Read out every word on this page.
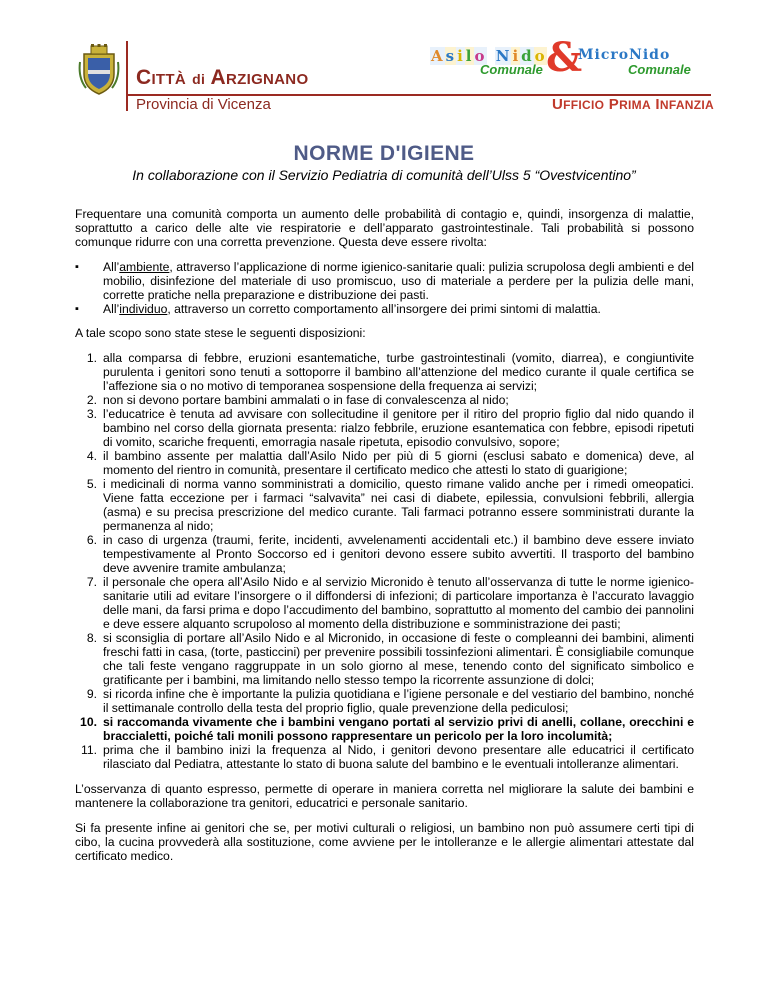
CITTÀ di ARZIGNANO
Provincia di Vicenza	UFFICIO PRIMA INFANZIA
A s i l o N i d o
Comunale &
MicroNido
Comunale
NORME D'IGIENE
In collaborazione con il Servizio Pediatria di comunità dell’Ulss 5 “Ovestvicentino”

Frequentare una comunità comporta un aumento delle probabilità di contagio e, quindi, insorgenza di malattie, soprattutto a carico delle alte vie respiratorie e dell’apparato gastrointestinale. Tali probabilità si possono comunque ridurre con una corretta prevenzione. Questa deve essere rivolta:

▪ All’ambiente, attraverso l’applicazione di norme igienico-sanitarie quali: pulizia scrupolosa degli ambienti e del mobilio, disinfezione del materiale di uso promiscuo, uso di materiale a perdere per la pulizia delle mani, corrette pratiche nella preparazione e distribuzione dei pasti.
▪ All’individuo, attraverso un corretto comportamento all’insorgere dei primi sintomi di malattia.

A tale scopo sono state stese le seguenti disposizioni:

1. alla comparsa di febbre, eruzioni esantematiche, turbe gastrointestinali (vomito, diarrea), e congiuntivite purulenta i genitori sono tenuti a sottoporre il bambino all’attenzione del medico curante il quale certifica se l’affezione sia o no motivo di temporanea sospensione della frequenza ai servizi;
2. non si devono portare bambini ammalati o in fase di convalescenza al nido;
3. l’educatrice è tenuta ad avvisare con sollecitudine il genitore per il ritiro del proprio figlio dal nido quando il bambino nel corso della giornata presenta: rialzo febbrile, eruzione esantematica con febbre, episodi ripetuti di vomito, scariche frequenti, emorragia nasale ripetuta, episodio convulsivo, sopore;
4. il bambino assente per malattia dall’Asilo Nido per più di 5 giorni (esclusi sabato e domenica) deve, al momento del rientro in comunità, presentare il certificato medico che attesti lo stato di guarigione;
5. i medicinali di norma vanno somministrati a domicilio, questo rimane valido anche per i rimedi omeopatici. Viene fatta eccezione per i farmaci “salvavita” nei casi di diabete, epilessia, convulsioni febbrili, allergia (asma) e su precisa prescrizione del medico curante. Tali farmaci potranno essere somministrati durante la permanenza al nido;
6. in caso di urgenza (traumi, ferite, incidenti, avvelenamenti accidentali etc.) il bambino deve essere inviato tempestivamente al Pronto Soccorso ed i genitori devono essere subito avvertiti. Il trasporto del bambino deve avvenire tramite ambulanza;
7. il personale che opera all’Asilo Nido e al servizio Micronido è tenuto all’osservanza di tutte le norme igienico-sanitarie utili ad evitare l’insorgere o il diffondersi di infezioni; di particolare importanza è l’accurato lavaggio delle mani, da farsi prima e dopo l’accudimento del bambino, soprattutto al momento del cambio dei pannolini e deve essere alquanto scrupoloso al momento della distribuzione e somministrazione dei pasti;
8. si sconsiglia di portare all’Asilo Nido e al Micronido, in occasione di feste o compleanni dei bambini, alimenti freschi fatti in casa, (torte, pasticcini) per prevenire possibili tossinfezioni alimentari. È consigliabile comunque che tali feste vengano raggruppate in un solo giorno al mese, tenendo conto del significato simbolico e gratificante per i bambini, ma limitando nello stesso tempo la ricorrente assunzione di dolci;
9. si ricorda infine che è importante la pulizia quotidiana e l’igiene personale e del vestiario del bambino, nonché il settimanale controllo della testa del proprio figlio, quale prevenzione della pediculosi;
10. si raccomanda vivamente che i bambini vengano portati al servizio privi di anelli, collane, orecchini e braccialetti, poiché tali monili possono rappresentare un pericolo per la loro incolumità;
11. prima che il bambino inizi la frequenza al Nido, i genitori devono presentare alle educatrici il certificato rilasciato dal Pediatra, attestante lo stato di buona salute del bambino e le eventuali intolleranze alimentari.

L’osservanza di quanto espresso, permette di operare in maniera corretta nel migliorare la salute dei bambini e mantenere la collaborazione tra genitori, educatrici e personale sanitario.

Si fa presente infine ai genitori che se, per motivi culturali o religiosi, un bambino non può assumere certi tipi di cibo, la cucina provvederà alla sostituzione, come avviene per le intolleranze e le allergie alimentari attestate dal certificato medico.
